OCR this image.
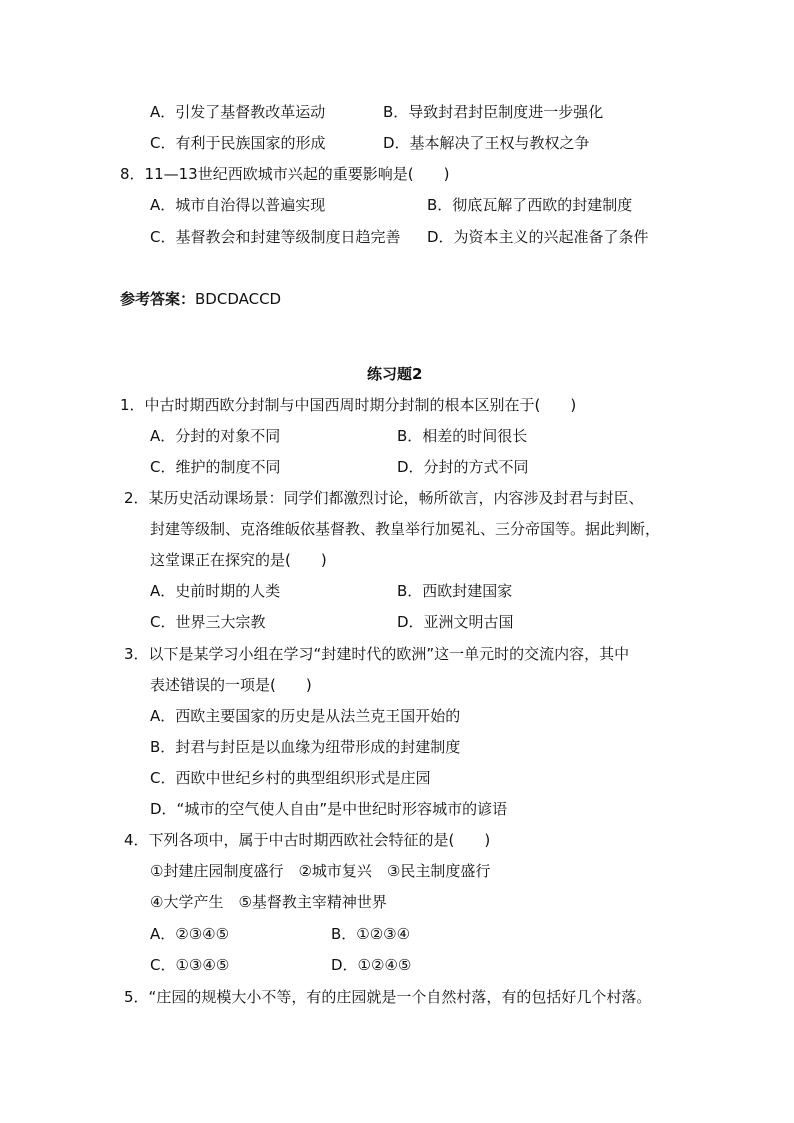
A．引发了基督教改革运动	B．导致封君封臣制度进一步强化
C．有利于民族国家的形成	D．基本解决了王权与教权之争
8．11—13世纪西欧城市兴起的重要影响是(　　)
A．城市自治得以普遍实现	B．彻底瓦解了西欧的封建制度
C．基督教会和封建等级制度日趋完善 D．为资本主义的兴起准备了条件
参考答案：BDCDACCD
练习题2
1．中古时期西欧分封制与中国西周时期分封制的根本区别在于(　　)
A．分封的对象不同	B．相差的时间很长
C．维护的制度不同	D．分封的方式不同
2．某历史活动课场景：同学们都激烈讨论，畅所欲言，内容涉及封君与封臣、
封建等级制、克洛维皈依基督教、教皇举行加冕礼、三分帝国等。据此判断，
这堂课正在探究的是(　　)
A．史前时期的人类	B．西欧封建国家
C．世界三大宗教	D．亚洲文明古国
3．以下是某学习小组在学习“封建时代的欧洲”这一单元时的交流内容，其中
表述错误的一项是(　　)
A．西欧主要国家的历史是从法兰克王国开始的
B．封君与封臣是以血缘为纽带形成的封建制度
C．西欧中世纪乡村的典型组织形式是庄园
D．“城市的空气使人自由”是中世纪时形容城市的谚语
4．下列各项中，属于中古时期西欧社会特征的是(　　)
①封建庄园制度盛行　②城市复兴　③民主制度盛行
④大学产生　⑤基督教主宰精神世界
A．②③④⑤	B．①②③④
C．①③④⑤	D．①②④⑤
5．“庄园的规模大小不等，有的庄园就是一个自然村落，有的包括好几个村落。
